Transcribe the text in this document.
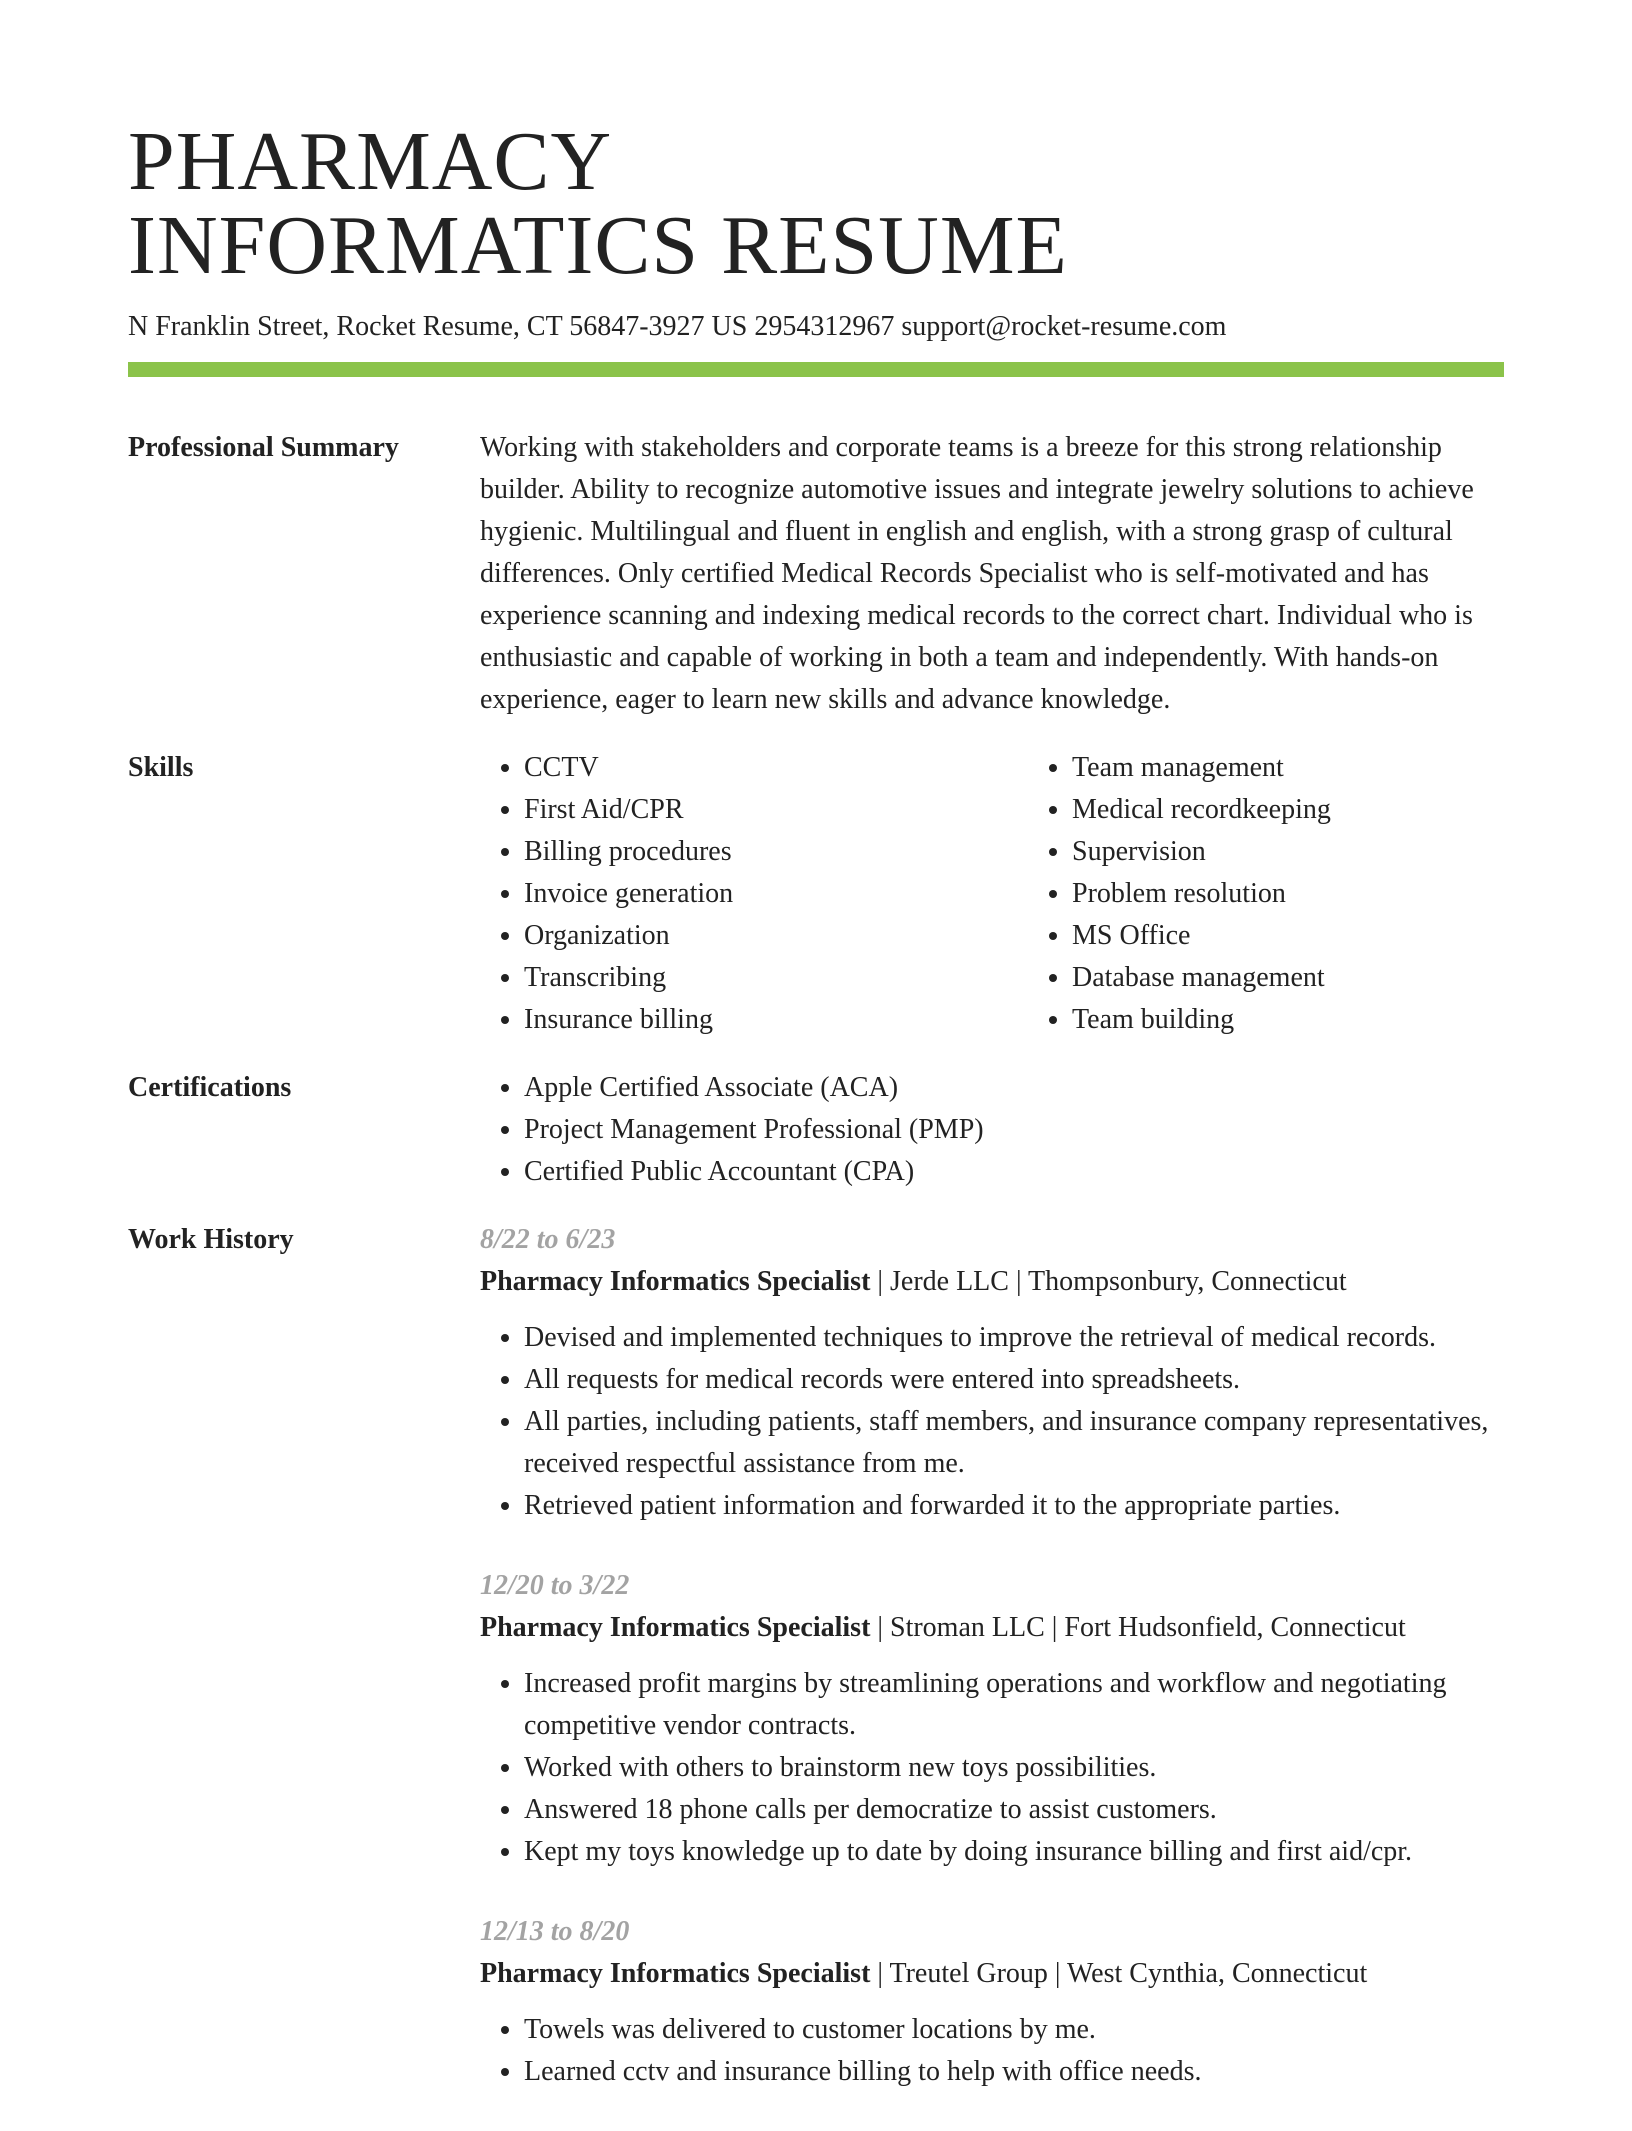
PHARMACY
INFORMATICS RESUME
N Franklin Street, Rocket Resume, CT 56847-3927 US 2954312967 support@rocket-resume.com
Professional Summary	Working with stakeholders and corporate teams is a breeze for this strong relationship builder. Ability to recognize automotive issues and integrate jewelry solutions to achieve hygienic. Multilingual and fluent in english and english, with a strong grasp of cultural differences. Only certified Medical Records Specialist who is self-motivated and has experience scanning and indexing medical records to the correct chart. Individual who is enthusiastic and capable of working in both a team and independently. With hands-on experience, eager to learn new skills and advance knowledge.

Skills	• CCTV
• First Aid/CPR
• Billing procedures
• Invoice generation
• Organization
• Transcribing
• Insurance billing
• Team management
• Medical recordkeeping
• Supervision
• Problem resolution
• MS Office
• Database management
• Team building
Certifications	• Apple Certified Associate (ACA)
• Project Management Professional (PMP)
• Certified Public Accountant (CPA)
Work History	8/22 to 6/23
Pharmacy Informatics Specialist | Jerde LLC | Thompsonbury, Connecticut
• Devised and implemented techniques to improve the retrieval of medical records.
• All requests for medical records were entered into spreadsheets.
• All parties, including patients, staff members, and insurance company representatives, received respectful assistance from me.
• Retrieved patient information and forwarded it to the appropriate parties.
12/20 to 3/22
Pharmacy Informatics Specialist | Stroman LLC | Fort Hudsonfield, Connecticut
• Increased profit margins by streamlining operations and workflow and negotiating competitive vendor contracts.
• Worked with others to brainstorm new toys possibilities.
• Answered 18 phone calls per democratize to assist customers.
• Kept my toys knowledge up to date by doing insurance billing and first aid/cpr.
12/13 to 8/20
Pharmacy Informatics Specialist | Treutel Group | West Cynthia, Connecticut
• Towels was delivered to customer locations by me.
• Learned cctv and insurance billing to help with office needs.
